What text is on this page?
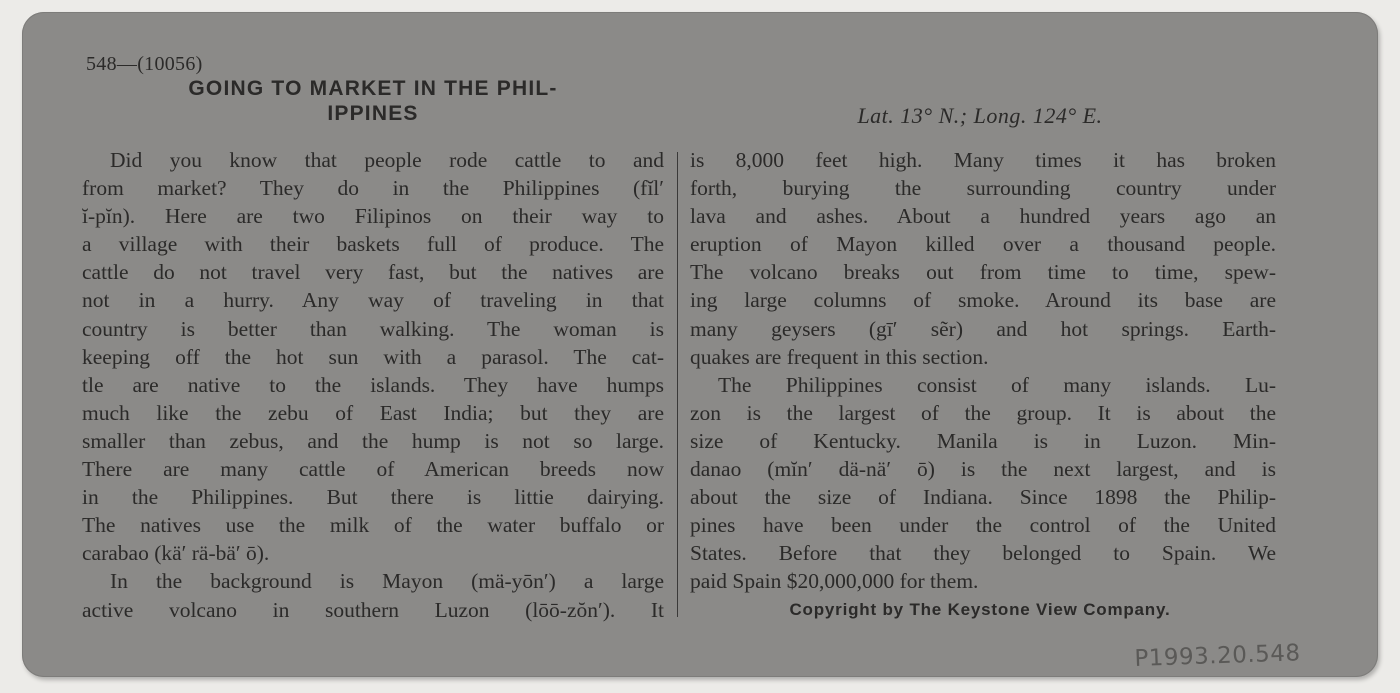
548—(10056)
GOING TO MARKET IN THE PHIL-
IPPINES	Lat. 13° N.; Long. 124° E.
Did you know that people rode cattle to and
from market? They do in the Philippines (fĭl′
ĭ-pĭn). Here are two Filipinos on their way to
a village with their baskets full of produce. The
cattle do not travel very fast, but the natives are
not in a hurry. Any way of traveling in that
country is better than walking. The woman is
keeping off the hot sun with a parasol. The cat-
tle are native to the islands. They have humps
much like the zebu of East India; but they are
smaller than zebus, and the hump is not so large.
There are many cattle of American breeds now
in the Philippines. But there is littie dairying.
The natives use the milk of the water buffalo or
carabao (kä′ rä-bä′ ō).
In the background is Mayon (mä-yōn′) a large
active volcano in southern Luzon (lōō-zŏn′). It
is 8,000 feet high. Many times it has broken
forth, burying the surrounding country under
lava and ashes. About a hundred years ago an
eruption of Mayon killed over a thousand people.
The volcano breaks out from time to time, spew-
ing large columns of smoke. Around its base are
many geysers (gī′ sẽr) and hot springs. Earth-
quakes are frequent in this section.
The Philippines consist of many islands. Lu-
zon is the largest of the group. It is about the
size of Kentucky. Manila is in Luzon. Min-
danao (mĭn′ dä-nä′ ō) is the next largest, and is
about the size of Indiana. Since 1898 the Philip-
pines have been under the control of the United
States. Before that they belonged to Spain. We
paid Spain $20,000,000 for them.
Copyright by The Keystone View Company.
P1993.20.548
